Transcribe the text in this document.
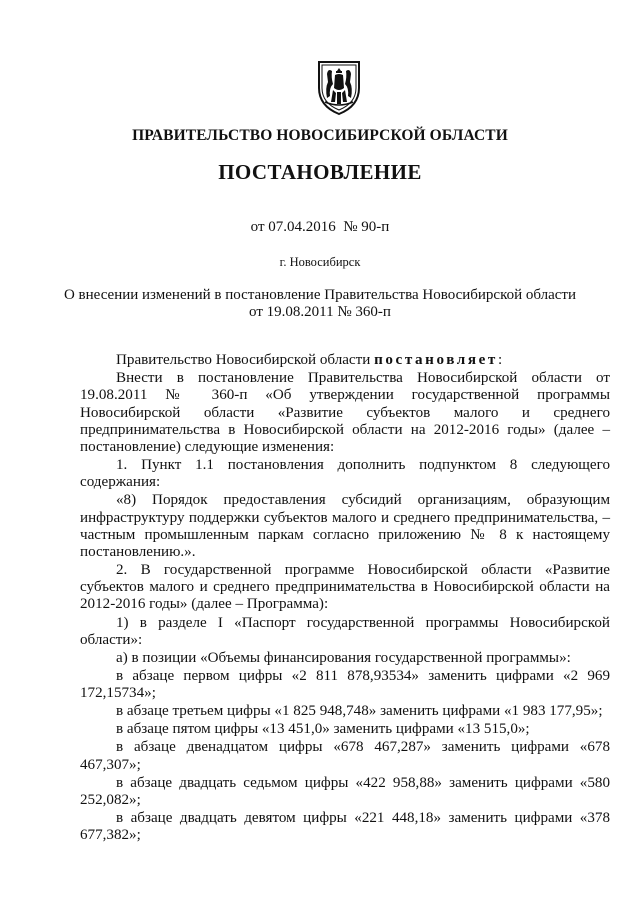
ПРАВИТЕЛЬСТВО НОВОСИБИРСКОЙ ОБЛАСТИ
ПОСТАНОВЛЕНИЕ
от 07.04.2016  № 90-п
г. Новосибирск
О внесении изменений в постановление Правительства Новосибирской области
от 19.08.2011 № 360-п

Правительство Новосибирской области постановляет:

Внести в постановление Правительства Новосибирской области от 19.08.2011 № 360-п «Об утверждении государственной программы Новосибирской области «Развитие субъектов малого и среднего предпринимательства в Новосибирской области на 2012-2016 годы» (далее – постановление) следующие изменения:

1. Пункт 1.1 постановления дополнить подпунктом 8 следующего содержания:

«8) Порядок предоставления субсидий организациям, образующим инфраструктуру поддержки субъектов малого и среднего предпринимательства, – частным промышленным паркам согласно приложению № 8 к настоящему постановлению.».

2. В государственной программе Новосибирской области «Развитие субъектов малого и среднего предпринимательства в Новосибирской области на 2012-2016 годы» (далее – Программа):

1) в разделе I «Паспорт государственной программы Новосибирской области»:

а) в позиции «Объемы финансирования государственной программы»:

в абзаце первом цифры «2 811 878,93534» заменить цифрами «2 969 172,15734»;

в абзаце третьем цифры «1 825 948,748» заменить цифрами «1 983 177,95»;

в абзаце пятом цифры «13 451,0» заменить цифрами «13 515,0»;

в абзаце двенадцатом цифры «678 467,287» заменить цифрами «678 467,307»;

в абзаце двадцать седьмом цифры «422 958,88» заменить цифрами «580 252,082»;

в абзаце двадцать девятом цифры «221 448,18» заменить цифрами «378 677,382»;
